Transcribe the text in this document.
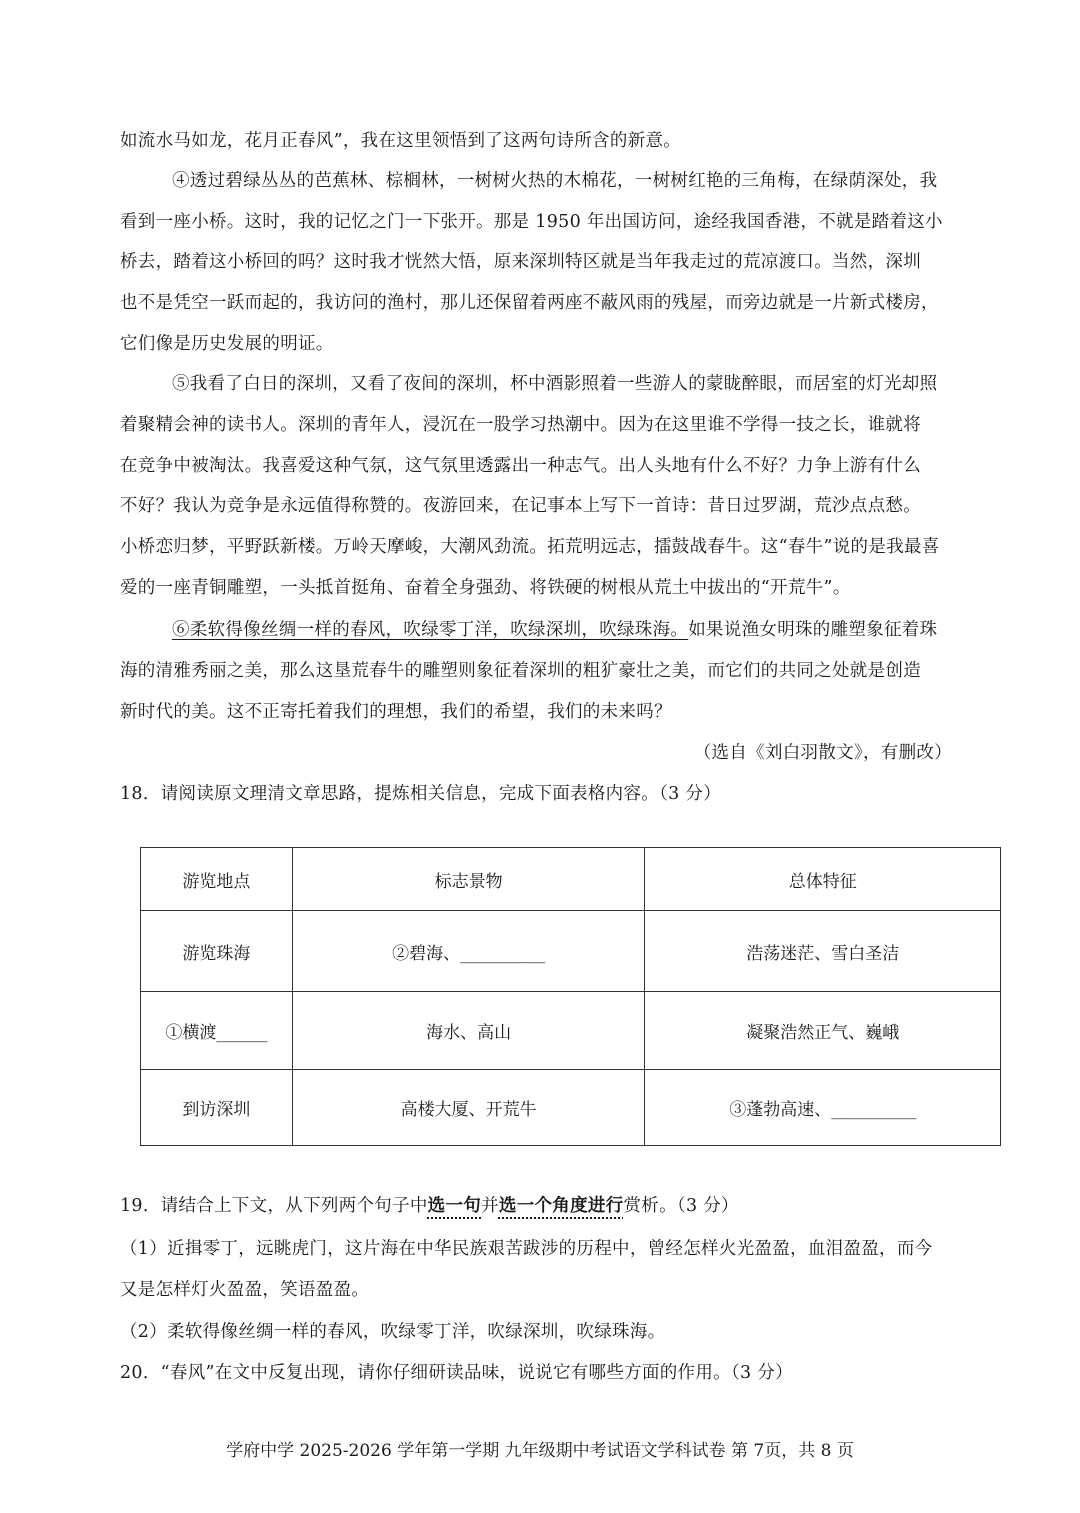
如流水马如龙，花月正春风”，我在这里领悟到了这两句诗所含的新意。
④透过碧绿丛丛的芭蕉林、棕榈林，一树树火热的木棉花，一树树红艳的三角梅，在绿荫深处，我
看到一座小桥。这时，我的记忆之门一下张开。那是 1950 年出国访问，途经我国香港，不就是踏着这小
桥去，踏着这小桥回的吗？这时我才恍然大悟，原来深圳特区就是当年我走过的荒凉渡口。当然，深圳
也不是凭空一跃而起的，我访问的渔村，那儿还保留着两座不蔽风雨的残屋，而旁边就是一片新式楼房，
它们像是历史发展的明证。
⑤我看了白日的深圳，又看了夜间的深圳，杯中酒影照着一些游人的蒙眬醉眼，而居室的灯光却照
着聚精会神的读书人。深圳的青年人，浸沉在一股学习热潮中。因为在这里谁不学得一技之长，谁就将
在竞争中被淘汰。我喜爱这种气氛，这气氛里透露出一种志气。出人头地有什么不好？力争上游有什么
不好？我认为竞争是永远值得称赞的。夜游回来，在记事本上写下一首诗：昔日过罗湖，荒沙点点愁。
小桥恋归梦，平野跃新楼。万岭天摩峻，大潮风劲流。拓荒明远志，擂鼓战春牛。这“春牛”说的是我最喜
爱的一座青铜雕塑，一头抵首挺角、奋着全身强劲、将铁硬的树根从荒土中拔出的“开荒牛”。
⑥柔软得像丝绸一样的春风，吹绿零丁洋，吹绿深圳，吹绿珠海。如果说渔女明珠的雕塑象征着珠
海的清雅秀丽之美，那么这垦荒春牛的雕塑则象征着深圳的粗犷豪壮之美，而它们的共同之处就是创造
新时代的美。这不正寄托着我们的理想，我们的希望，我们的未来吗？
（选自《刘白羽散文》，有删改）
18．请阅读原文理清文章思路，提炼相关信息，完成下面表格内容。（3 分）
游览地点	标志景物	总体特征
游览珠海	②碧海、__________	浩荡迷茫、雪白圣洁
①横渡______	海水、高山	凝聚浩然正气、巍峨
到访深圳	高楼大厦、开荒牛	③蓬勃高速、__________
19．请结合上下文，从下列两个句子中选一句并选一个角度进行赏析。（3 分）
（1）近揖零丁，远眺虎门，这片海在中华民族艰苦跋涉的历程中，曾经怎样火光盈盈，血泪盈盈，而今
又是怎样灯火盈盈，笑语盈盈。
（2）柔软得像丝绸一样的春风，吹绿零丁洋，吹绿深圳，吹绿珠海。
20．“春风”在文中反复出现，请你仔细研读品味，说说它有哪些方面的作用。（3 分）
学府中学 2025-2026 学年第一学期 九年级期中考试语文学科试卷 第 7页，共 8 页
